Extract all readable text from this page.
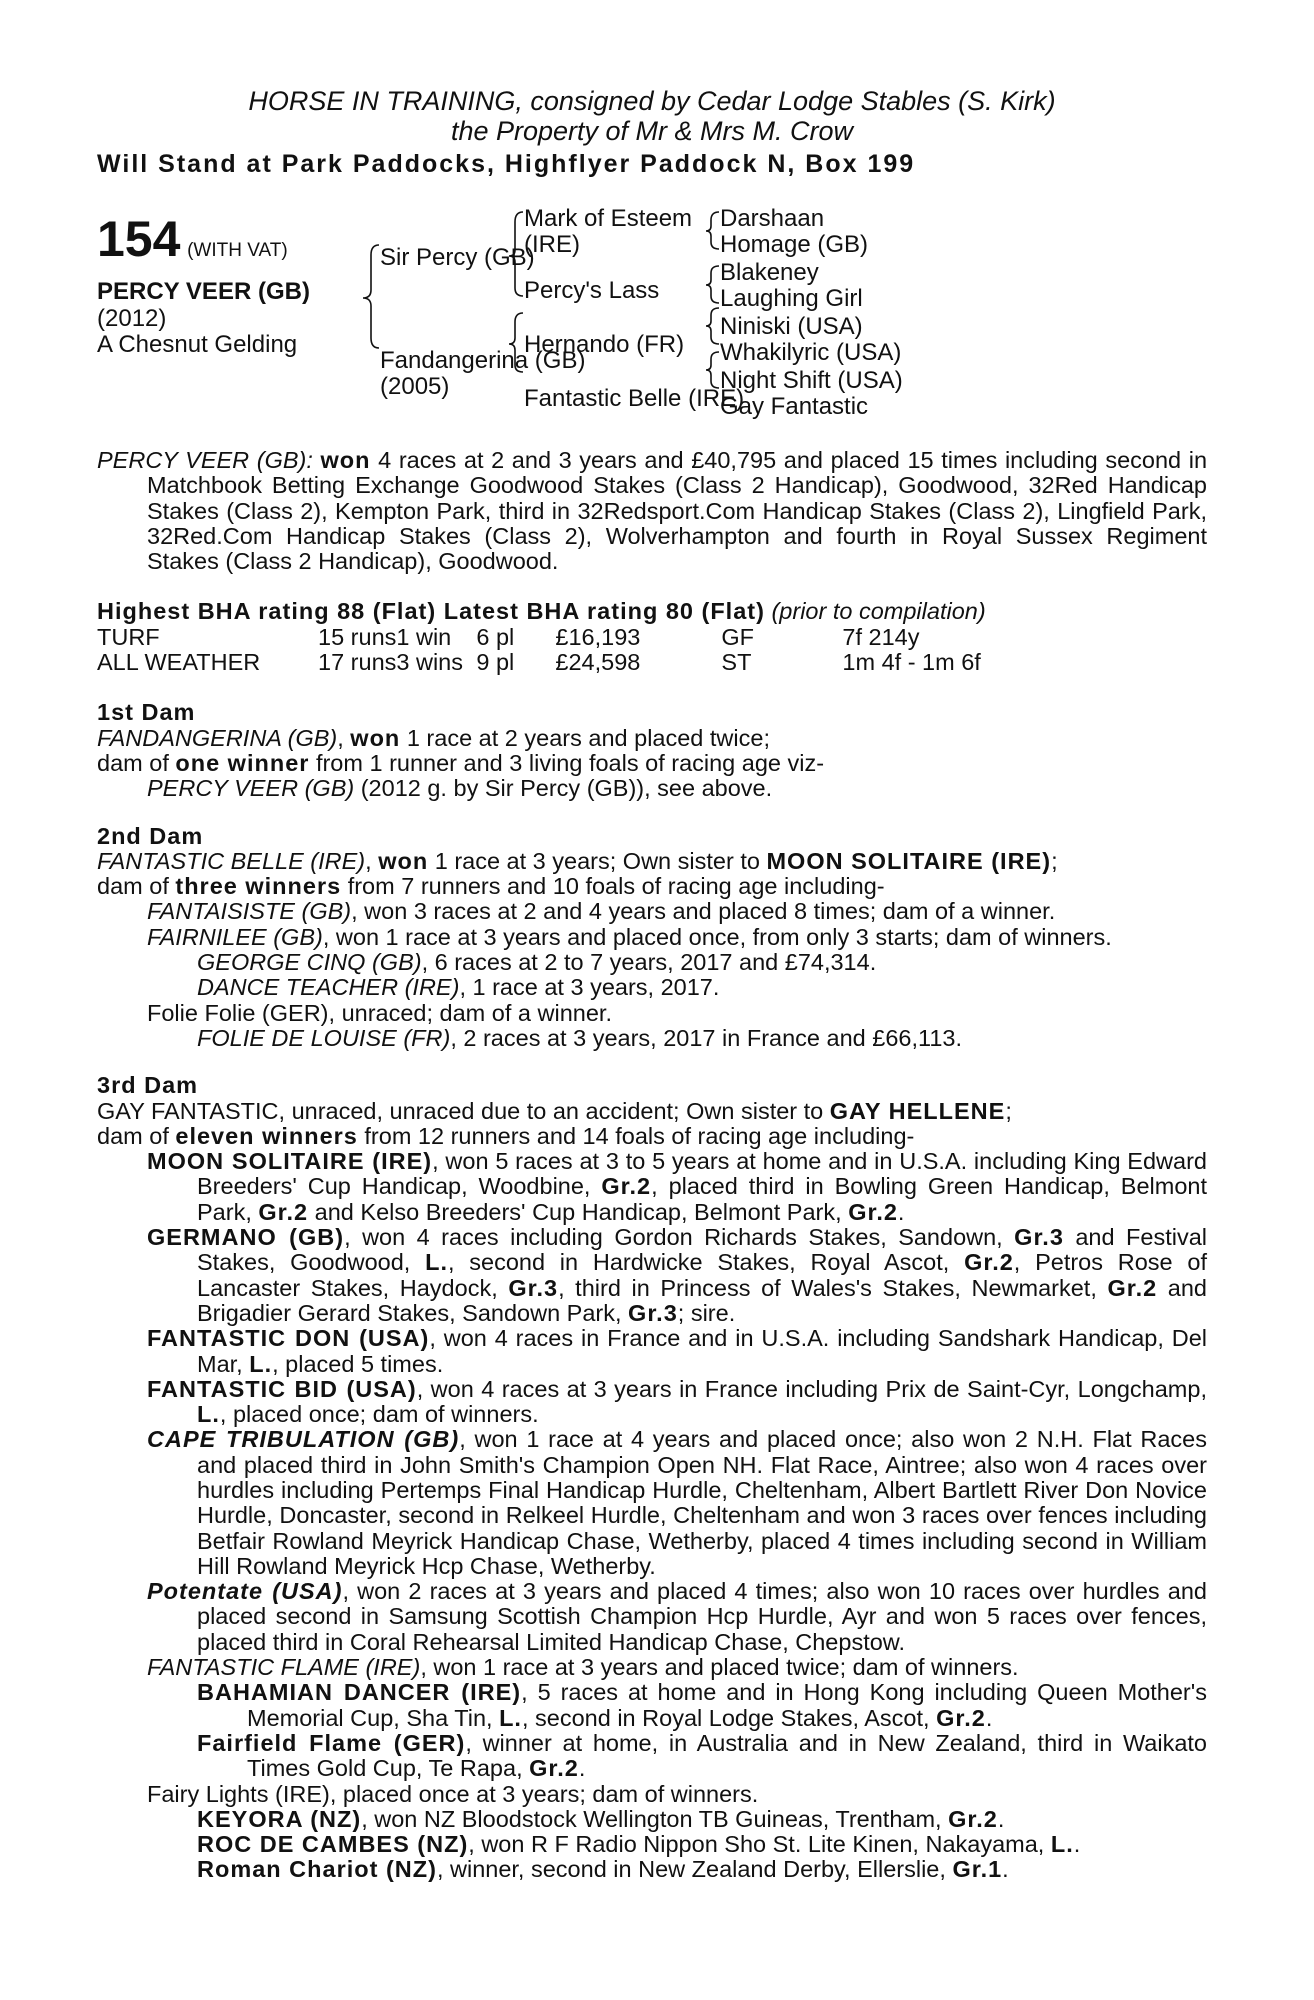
HORSE IN TRAINING, consigned by Cedar Lodge Stables (S. Kirk)
the Property of Mr & Mrs M. Crow
Will Stand at Park Paddocks, Highflyer Paddock N, Box 199
154 (WITH VAT)
PERCY VEER (GB)
(2012)
A Chesnut Gelding
Sir Percy (GB)
Fandangerina (GB)
(2005)
Mark of Esteem
(IRE)
Percy's Lass
Hernando (FR)
Fantastic Belle (IRE)
Darshaan
Homage (GB)
Blakeney
Laughing Girl
Niniski (USA)
Whakilyric (USA)
Night Shift (USA)
Gay Fantastic
PERCY VEER (GB): won 4 races at 2 and 3 years and £40,795 and placed 15 times including second in Matchbook Betting Exchange Goodwood Stakes (Class 2 Handicap), Goodwood, 32Red Handicap Stakes (Class 2), Kempton Park, third in 32Redsport.Com Handicap Stakes (Class 2), Lingfield Park, 32Red.Com Handicap Stakes (Class 2), Wolverhampton and fourth in Royal Sussex Regiment Stakes (Class 2 Handicap), Goodwood.
Highest BHA rating 88 (Flat) Latest BHA rating 80 (Flat) (prior to compilation)
TURF	15 runs	1 win	6 pl	£16,193	GF	7f 214y
ALL WEATHER	17 runs	3 wins	9 pl	£24,598	ST	1m 4f - 1m 6f
1st Dam
FANDANGERINA (GB), won 1 race at 2 years and placed twice;
dam of one winner from 1 runner and 3 living foals of racing age viz-
PERCY VEER (GB) (2012 g. by Sir Percy (GB)), see above.
2nd Dam
FANTASTIC BELLE (IRE), won 1 race at 3 years; Own sister to MOON SOLITAIRE (IRE);
dam of three winners from 7 runners and 10 foals of racing age including-
FANTAISISTE (GB), won 3 races at 2 and 4 years and placed 8 times; dam of a winner.
FAIRNILEE (GB), won 1 race at 3 years and placed once, from only 3 starts; dam of winners.
GEORGE CINQ (GB), 6 races at 2 to 7 years, 2017 and £74,314.
DANCE TEACHER (IRE), 1 race at 3 years, 2017.
Folie Folie (GER), unraced; dam of a winner.
FOLIE DE LOUISE (FR), 2 races at 3 years, 2017 in France and £66,113.
3rd Dam
GAY FANTASTIC, unraced, unraced due to an accident; Own sister to GAY HELLENE;
dam of eleven winners from 12 runners and 14 foals of racing age including-
MOON SOLITAIRE (IRE), won 5 races at 3 to 5 years at home and in U.S.A. including King Edward Breeders' Cup Handicap, Woodbine, Gr.2, placed third in Bowling Green Handicap, Belmont Park, Gr.2 and Kelso Breeders' Cup Handicap, Belmont Park, Gr.2.
GERMANO (GB), won 4 races including Gordon Richards Stakes, Sandown, Gr.3 and Festival Stakes, Goodwood, L., second in Hardwicke Stakes, Royal Ascot, Gr.2, Petros Rose of Lancaster Stakes, Haydock, Gr.3, third in Princess of Wales's Stakes, Newmarket, Gr.2 and Brigadier Gerard Stakes, Sandown Park, Gr.3; sire.
FANTASTIC DON (USA), won 4 races in France and in U.S.A. including Sandshark Handicap, Del Mar, L., placed 5 times.
FANTASTIC BID (USA), won 4 races at 3 years in France including Prix de Saint-Cyr, Longchamp, L., placed once; dam of winners.
CAPE TRIBULATION (GB), won 1 race at 4 years and placed once; also won 2 N.H. Flat Races and placed third in John Smith's Champion Open NH. Flat Race, Aintree; also won 4 races over hurdles including Pertemps Final Handicap Hurdle, Cheltenham, Albert Bartlett River Don Novice Hurdle, Doncaster, second in Relkeel Hurdle, Cheltenham and won 3 races over fences including Betfair Rowland Meyrick Handicap Chase, Wetherby, placed 4 times including second in William Hill Rowland Meyrick Hcp Chase, Wetherby.
Potentate (USA), won 2 races at 3 years and placed 4 times; also won 10 races over hurdles and placed second in Samsung Scottish Champion Hcp Hurdle, Ayr and won 5 races over fences, placed third in Coral Rehearsal Limited Handicap Chase, Chepstow.
FANTASTIC FLAME (IRE), won 1 race at 3 years and placed twice; dam of winners.
BAHAMIAN DANCER (IRE), 5 races at home and in Hong Kong including Queen Mother's Memorial Cup, Sha Tin, L., second in Royal Lodge Stakes, Ascot, Gr.2.
Fairfield Flame (GER), winner at home, in Australia and in New Zealand, third in Waikato Times Gold Cup, Te Rapa, Gr.2.
Fairy Lights (IRE), placed once at 3 years; dam of winners.
KEYORA (NZ), won NZ Bloodstock Wellington TB Guineas, Trentham, Gr.2.
ROC DE CAMBES (NZ), won R F Radio Nippon Sho St. Lite Kinen, Nakayama, L..
Roman Chariot (NZ), winner, second in New Zealand Derby, Ellerslie, Gr.1.
